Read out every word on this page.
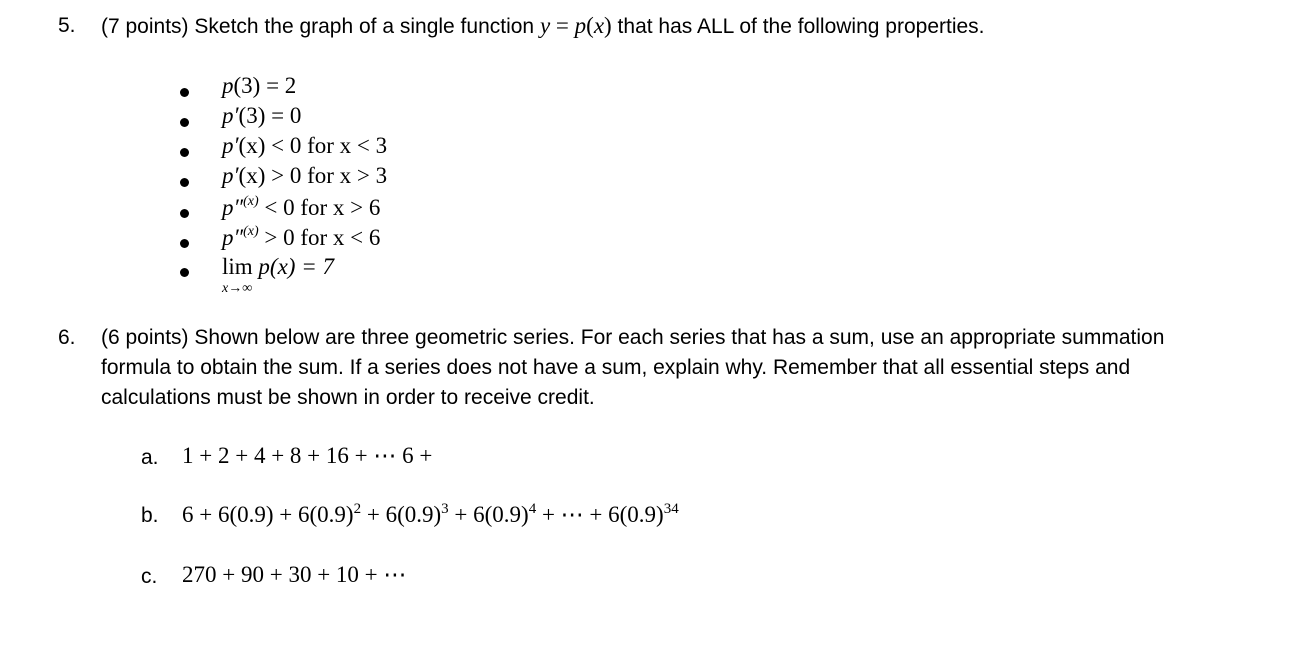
5. (7 points) Sketch the graph of a single function y = p(x) that has ALL of the following properties.
p(3) = 2
p′(3) = 0
p′(x) < 0 for x < 3
p′(x) > 0 for x > 3
p″$^{(x)}$ < 0 for x > 6
p″$^{(x)}$ > 0 for x < 6
lim p(x) = 7
x→∞
6. (6 points) Shown below are three geometric series. For each series that has a sum, use an appropriate summation
formula to obtain the sum. If a series does not have a sum, explain why. Remember that all essential steps and
calculations must be shown in order to receive credit.
a. 1 + 2 + 4 + 8 + 16 + ⋯ 6 +
b. $6 + 6(0.9) + 6(0.9)^2 + 6(0.9)^3 + 6(0.9)^4$ + ⋯ + $6(0.9)^{34}$
c. 270 + 90 + 30 + 10 + ⋯
